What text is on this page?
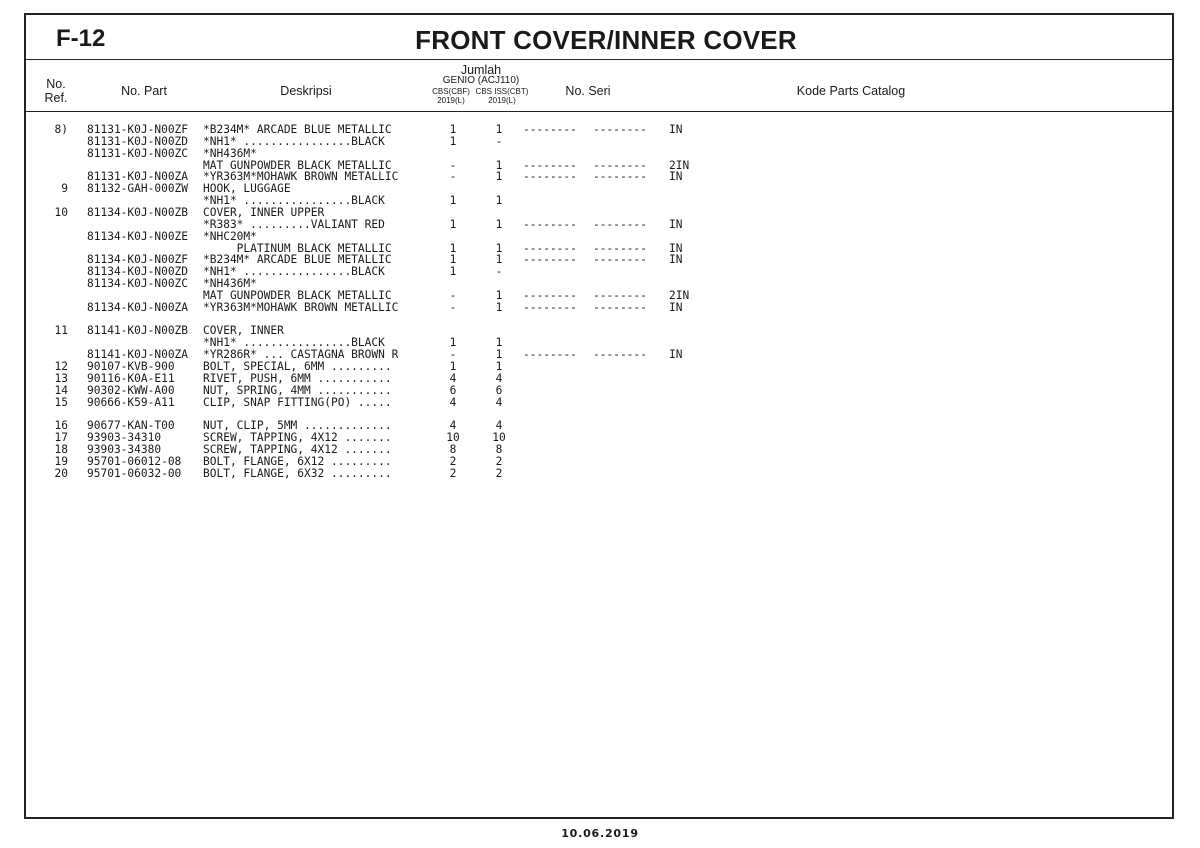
F-12	FRONT COVER/INNER COVER
No.
Ref.	No. Part	Deskripsi
Jumlah
GENIO (ACJ110)
CBS(CBF) CBS ISS(CBT)
2019(L)	2019(L)
No. Seri	Kode Parts Catalog
8) 81131-K0J-N00ZF *B234M* ARCADE BLUE METALLIC	1	1	-------- -------- IN
81131-K0J-N00ZD *NH1* ................BLACK	1	-
81131-K0J-N00ZC *NH436M*
MAT GUNPOWDER BLACK METALLIC	-	1	-------- -------- 2IN
81131-K0J-N00ZA *YR363M*MOHAWK BROWN METALLIC	-	1	-------- -------- IN
9 81132-GAH-000ZW HOOK, LUGGAGE
*NH1* ................BLACK	1	1
10 81134-K0J-N00ZB COVER, INNER UPPER
*R383* .........VALIANT RED	1	1	-------- -------- IN
81134-K0J-N00ZE *NHC20M*
PLATINUM BLACK METALLIC	1	1	-------- -------- IN
81134-K0J-N00ZF *B234M* ARCADE BLUE METALLIC	1	1	-------- -------- IN
81134-K0J-N00ZD *NH1* ................BLACK	1	-
81134-K0J-N00ZC *NH436M*
MAT GUNPOWDER BLACK METALLIC	-	1	-------- -------- 2IN
81134-K0J-N00ZA *YR363M*MOHAWK BROWN METALLIC	-	1	-------- -------- IN
11 81141-K0J-N00ZB COVER, INNER
*NH1* ................BLACK	1	1
81141-K0J-N00ZA *YR286R* ... CASTAGNA BROWN R	-	1	-------- -------- IN
12 90107-KVB-900	BOLT, SPECIAL, 6MM .........	1	1
13 90116-K0A-E11	RIVET, PUSH, 6MM ...........	4	4
14 90302-KWW-A00	NUT, SPRING, 4MM ...........	6	6
15 90666-K59-A11	CLIP, SNAP FITTING(PO) .....	4	4
16 90677-KAN-T00	NUT, CLIP, 5MM .............	4	4
17 93903-34310	SCREW, TAPPING, 4X12 .......	10	10
18 93903-34380	SCREW, TAPPING, 4X12 .......	8	8
19 95701-06012-08 BOLT, FLANGE, 6X12 .........	2	2
20 95701-06032-00 BOLT, FLANGE, 6X32 .........	2	2
10.06.2019
